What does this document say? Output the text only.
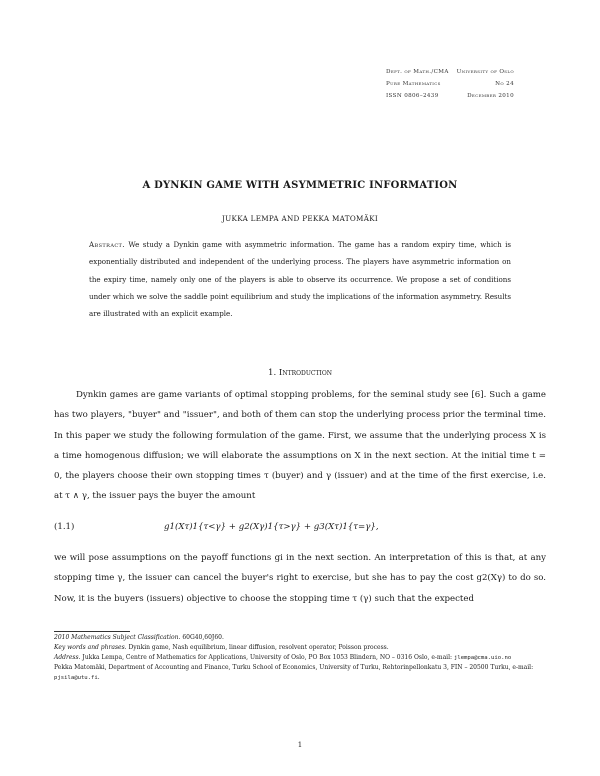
Dept. of Math./CMA
Pure Mathematics
ISSN 0806–2439
University of Oslo
No 24
December 2010
A DYNKIN GAME WITH ASYMMETRIC INFORMATION
JUKKA LEMPA AND PEKKA MATOMÄKI
Abstract. We study a Dynkin game with asymmetric information. The game has a random expiry time, which is exponentially distributed and independent of the underlying process. The players have asymmetric information on the expiry time, namely only one of the players is able to observe its occurrence. We propose a set of conditions under which we solve the saddle point equilibrium and study the implications of the information asymmetry. Results are illustrated with an explicit example.
1. Introduction
Dynkin games are game variants of optimal stopping problems, for the seminal study see [6]. Such a game has two players, "buyer" and "issuer", and both of them can stop the underlying process prior the terminal time. In this paper we study the following formulation of the game. First, we assume that the underlying process X is a time homogenous diffusion; we will elaborate the assumptions on X in the next section. At the initial time t = 0, the players choose their own stopping times τ (buyer) and γ (issuer) and at the time of the first exercise, i.e. at τ ∧ γ, the issuer pays the buyer the amount
(1.1)	g1(Xτ)1{τ<γ} + g2(Xγ)1{τ>γ} + g3(Xτ)1{τ=γ},
we will pose assumptions on the payoff functions gi in the next section. An interpretation of this is that, at any stopping time γ, the issuer can cancel the buyer's right to exercise, but she has to pay the cost g2(Xγ) to do so. Now, it is the buyers (issuers) objective to choose the stopping time τ (γ) such that the expected
2010 Mathematics Subject Classification. 60G40,60J60.
Key words and phrases. Dynkin game, Nash equilibrium, linear diffusion, resolvent operator, Poisson process.
Address. Jukka Lempa, Centre of Mathematics for Applications, University of Oslo, PO Box 1053 Blindern, NO – 0316 Oslo, e-mail: jlempa@cma.uio.no
Pekka Matomäki, Department of Accounting and Finance, Turku School of Economics, University of Turku, Rehtorinpellonkatu 3, FIN – 20500 Turku, e-mail: pjsila@utu.fi.
1
